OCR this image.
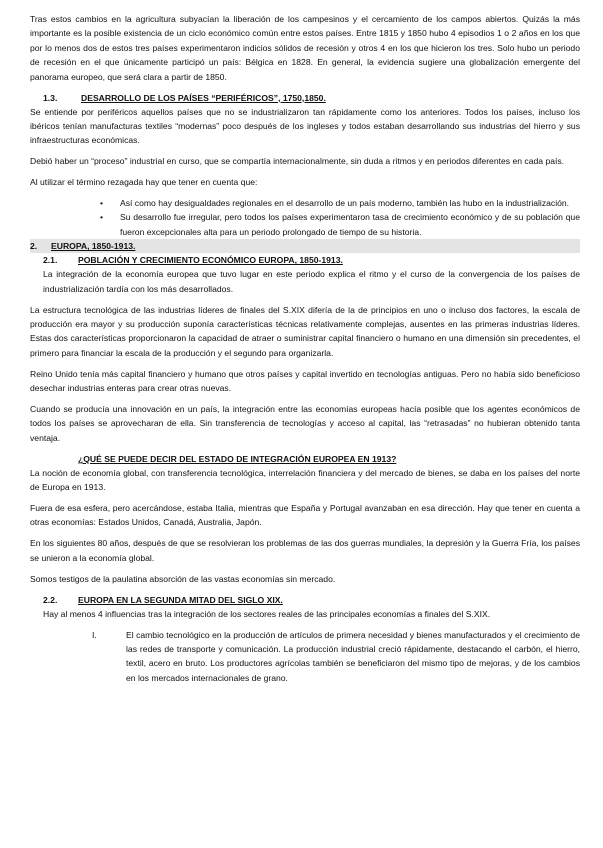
Tras estos cambios en la agricultura subyacían la liberación de los campesinos y el cercamiento de los campos abiertos. Quizás la más importante es la posible existencia de un ciclo económico común entre estos países. Entre 1815 y 1850 hubo 4 episodios 1 o 2 años en los que por lo menos dos de estos tres países experimentaron indicios sólidos de recesión y otros 4 en los que hicieron los tres. Solo hubo un periodo de recesión en el que únicamente participó un país: Bélgica en 1828. En general, la evidencia sugiere una globalización emergente del panorama europeo, que será clara a partir de 1850.

1.3.	DESARROLLO DE LOS PAÍSES “PERIFÉRICOS”, 1750,1850.

Se entiende por periféricos aquellos países que no se industrializaron tan rápidamente como los anteriores. Todos los países, incluso los ibéricos tenían manufacturas textiles “modernas” poco después de los ingleses y todos estaban desarrollando sus industrias del hierro y sus infraestructuras económicas.

Debió haber un “proceso” industrial en curso, que se compartía internacionalmente, sin duda a ritmos y en periodos diferentes en cada país.

Al utilizar el término rezagada hay que tener en cuenta que:

• Así como hay desigualdades regionales en el desarrollo de un país moderno, también las hubo en la industrialización.
• Su desarrollo fue irregular, pero todos los países experimentaron tasa de crecimiento económico y de su población que fueron excepcionales alta para un periodo prolongado de tiempo de su historia.
2.	EUROPA, 1850-1913.
2.1.	POBLACIÓN Y CRECIMIENTO ECONÓMICO EUROPA, 1850-1913.

La integración de la economía europea que tuvo lugar en este periodo explica el ritmo y el curso de la convergencia de los países de industrialización tardía con los más desarrollados.

La estructura tecnológica de las industrias líderes de finales del S.XIX difería de la de principios en uno o incluso dos factores, la escala de producción era mayor y su producción suponía características técnicas relativamente complejas, ausentes en las primeras industrias líderes. Estas dos características proporcionaron la capacidad de atraer o suministrar capital financiero o humano en una dimensión sin precedentes, el primero para financiar la escala de la producción y el segundo para organizarla.

Reino Unido tenía más capital financiero y humano que otros países y capital invertido en tecnologías antiguas. Pero no había sido beneficioso desechar industrias enteras para crear otras nuevas.

Cuando se producía una innovación en un país, la integración entre las economías europeas hacía posible que los agentes económicos de todos los países se aprovecharan de ella. Sin transferencia de tecnologías y acceso al capital, las “retrasadas” no hubieran obtenido tanta ventaja.

¿QUÉ SE PUEDE DECIR DEL ESTADO DE INTEGRACIÓN EUROPEA EN 1913?

La noción de economía global, con transferencia tecnológica, interrelación financiera y del mercado de bienes, se daba en los países del norte de Europa en 1913.

Fuera de esa esfera, pero acercándose, estaba Italia, mientras que España y Portugal avanzaban en esa dirección. Hay que tener en cuenta a otras economías: Estados Unidos, Canadá, Australia, Japón.

En los siguientes 80 años, después de que se resolvieran los problemas de las dos guerras mundiales, la depresión y la Guerra Fría, los países se unieron a la economía global.

Somos testigos de la paulatina absorción de las vastas economías sin mercado.

2.2.	EUROPA EN LA SEGUNDA MITAD DEL SIGLO XIX.

Hay al menos 4 influencias tras la integración de los sectores reales de las principales economías a finales del S.XIX.

I.	El cambio tecnológico en la producción de artículos de primera necesidad y bienes manufacturados y el crecimiento de las redes de transporte y comunicación. La producción industrial creció rápidamente, destacando el carbón, el hierro, textil, acero en bruto. Los productores agrícolas también se beneficiaron del mismo tipo de mejoras, y de los cambios en los mercados internacionales de grano.
